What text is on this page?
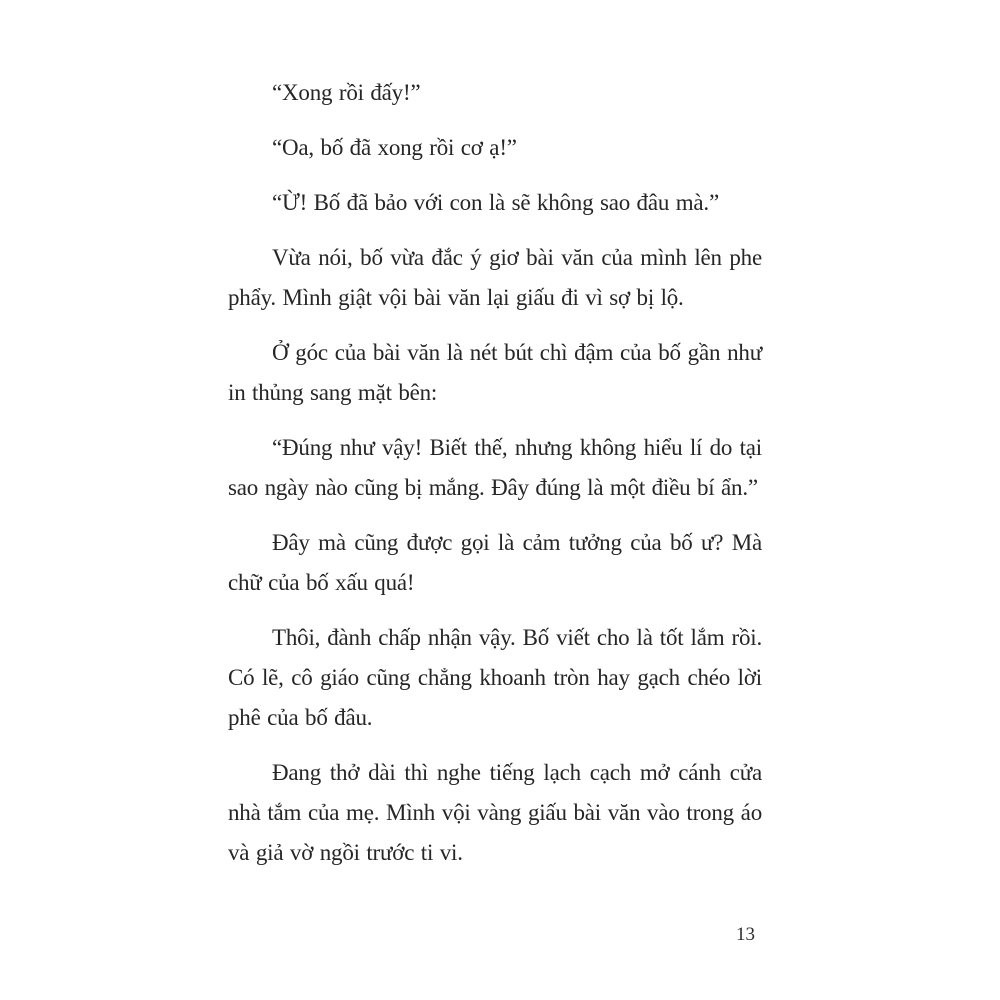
“Xong rồi đấy!”

“Oa, bố đã xong rồi cơ ạ!”

“Ừ! Bố đã bảo với con là sẽ không sao đâu mà.”

Vừa nói, bố vừa đắc ý giơ bài văn của mình lên phe phẩy. Mình giật vội bài văn lại giấu đi vì sợ bị lộ.

Ở góc của bài văn là nét bút chì đậm của bố gần như in thủng sang mặt bên:

“Đúng như vậy! Biết thế, nhưng không hiểu lí do tại sao ngày nào cũng bị mắng. Đây đúng là một điều bí ẩn.”

Đây mà cũng được gọi là cảm tưởng của bố ư? Mà chữ của bố xấu quá!

Thôi, đành chấp nhận vậy. Bố viết cho là tốt lắm rồi. Có lẽ, cô giáo cũng chẳng khoanh tròn hay gạch chéo lời phê của bố đâu.

Đang thở dài thì nghe tiếng lạch cạch mở cánh cửa nhà tắm của mẹ. Mình vội vàng giấu bài văn vào trong áo và giả vờ ngồi trước ti vi.

13
